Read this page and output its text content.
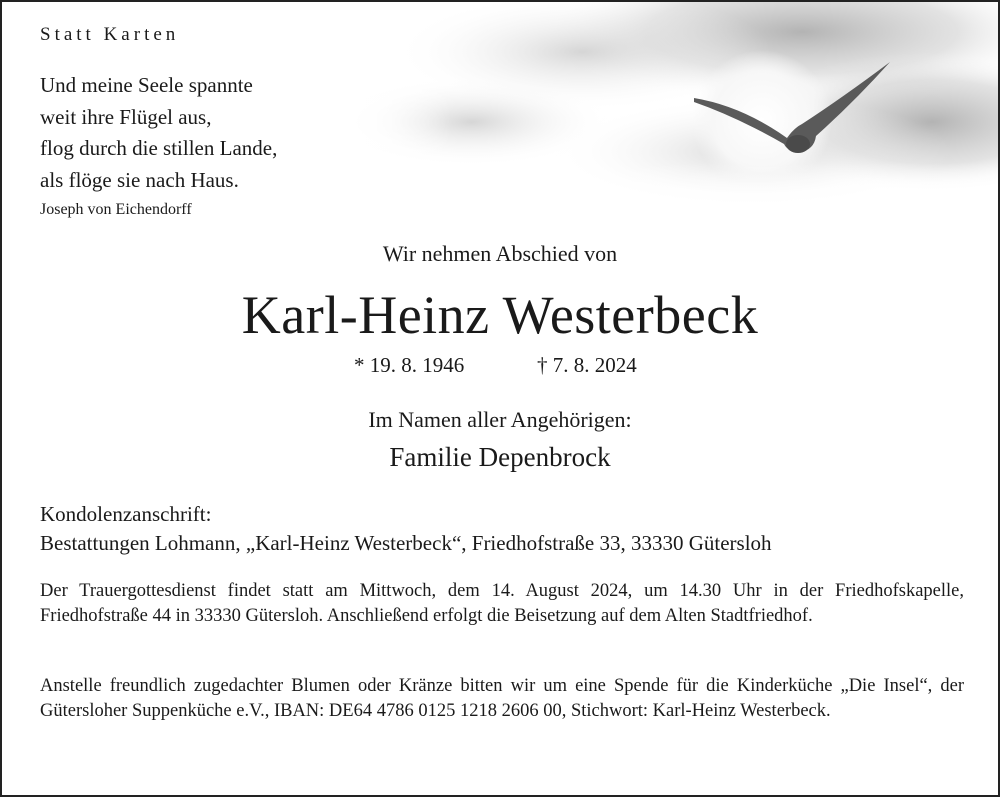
Statt Karten
Und meine Seele spannte
weit ihre Flügel aus,
flog durch die stillen Lande,
als flöge sie nach Haus.
Joseph von Eichendorff
Wir nehmen Abschied von
Karl-Heinz Westerbeck
* 19. 8. 1946	† 7. 8. 2024
Im Namen aller Angehörigen:
Familie Depenbrock
Kondolenzanschrift:
Bestattungen Lohmann, „Karl-Heinz Westerbeck“, Friedhofstraße 33, 33330 Gütersloh
Der Trauergottesdienst findet statt am Mittwoch, dem 14. August 2024, um 14.30 Uhr in der Friedhofskapelle, Friedhofstraße 44 in 33330 Gütersloh. Anschließend erfolgt die Beisetzung auf dem Alten Stadtfriedhof.
Anstelle freundlich zugedachter Blumen oder Kränze bitten wir um eine Spende für die Kinderküche „Die Insel“, der Gütersloher Suppenküche e.V., IBAN: DE64 4786 0125 1218 2606 00, Stichwort: Karl-Heinz Westerbeck.
